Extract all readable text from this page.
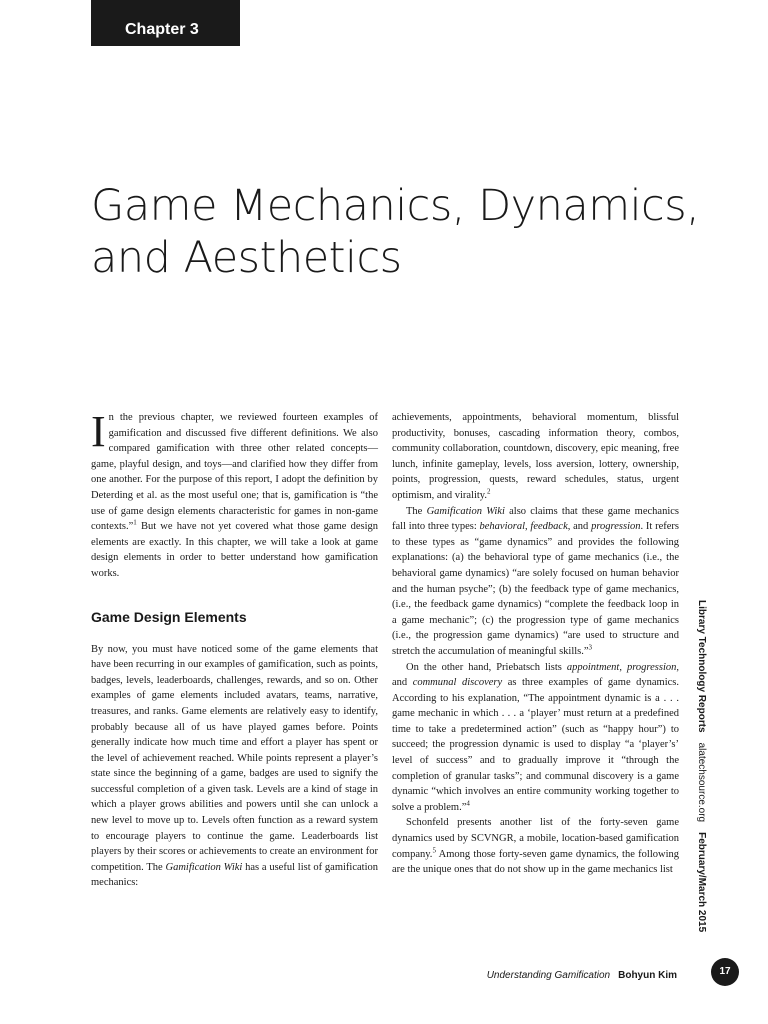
Chapter 3
Game Mechanics, Dynamics, and Aesthetics

In the previous chapter, we reviewed fourteen examples of gamification and discussed five different definitions. We also compared gamification with three other related concepts—game, playful design, and toys—and clarified how they differ from one another. For the purpose of this report, I adopt the definition by Deterding et al. as the most useful one; that is, gamification is “the use of game design elements characteristic for games in non-game contexts.”$^1$ But we have not yet covered what those game design elements are exactly. In this chapter, we will take a look at game design elements in order to better understand how gamification works.

Game Design Elements

By now, you must have noticed some of the game elements that have been recurring in our examples of gamification, such as points, badges, levels, leaderboards, challenges, rewards, and so on. Other examples of game elements included avatars, teams, narrative, treasures, and ranks. Game elements are relatively easy to identify, probably because all of us have played games before. Points generally indicate how much time and effort a player has spent or the level of achievement reached. While points represent a player’s state since the beginning of a game, badges are used to signify the successful completion of a given task. Levels are a kind of stage in which a player grows abilities and powers until she can unlock a new level to move up to. Levels often function as a reward system to encourage players to continue the game. Leaderboards list players by their scores or achievements to create an environment for competition. The Gamification Wiki has a useful list of gamification mechanics:

achievements, appointments, behavioral momentum, blissful productivity, bonuses, cascading information theory, combos, community collaboration, countdown, discovery, epic meaning, free lunch, infinite gameplay, levels, loss aversion, lottery, ownership, points, progression, quests, reward schedules, status, urgent optimism, and virality.$^2$

The Gamification Wiki also claims that these game mechanics fall into three types: behavioral, feedback, and progression. It refers to these types as “game dynamics” and provides the following explanations: (a) the behavioral type of game mechanics (i.e., the behavioral game dynamics) “are solely focused on human behavior and the human psyche”; (b) the feedback type of game mechanics, (i.e., the feedback game dynamics) “complete the feedback loop in a game mechanic”; (c) the progression type of game mechanics (i.e., the progression game dynamics) “are used to structure and stretch the accumulation of meaningful skills.”$^3$

On the other hand, Priebatsch lists appointment, progression, and communal discovery as three examples of game dynamics. According to his explanation, “The appointment dynamic is a . . . game mechanic in which . . . a ‘player’ must return at a predefined time to take a predetermined action” (such as “happy hour”) to succeed; the progression dynamic is used to display “a ‘player’s’ level of success” and to gradually improve it “through the completion of granular tasks”; and communal discovery is a game dynamic “which involves an entire community working together to solve a problem.”$^4$

Schonfeld presents another list of the forty-seven game dynamics used by SCVNGR, a mobile, location-based gamification company.$^5$ Among those forty-seven game dynamics, the following are the unique ones that do not show up in the game mechanics list

Library Technology Reportsalatechsource.orgFebruary/March 2015
Understanding Gamification Bohyun Kim	17
